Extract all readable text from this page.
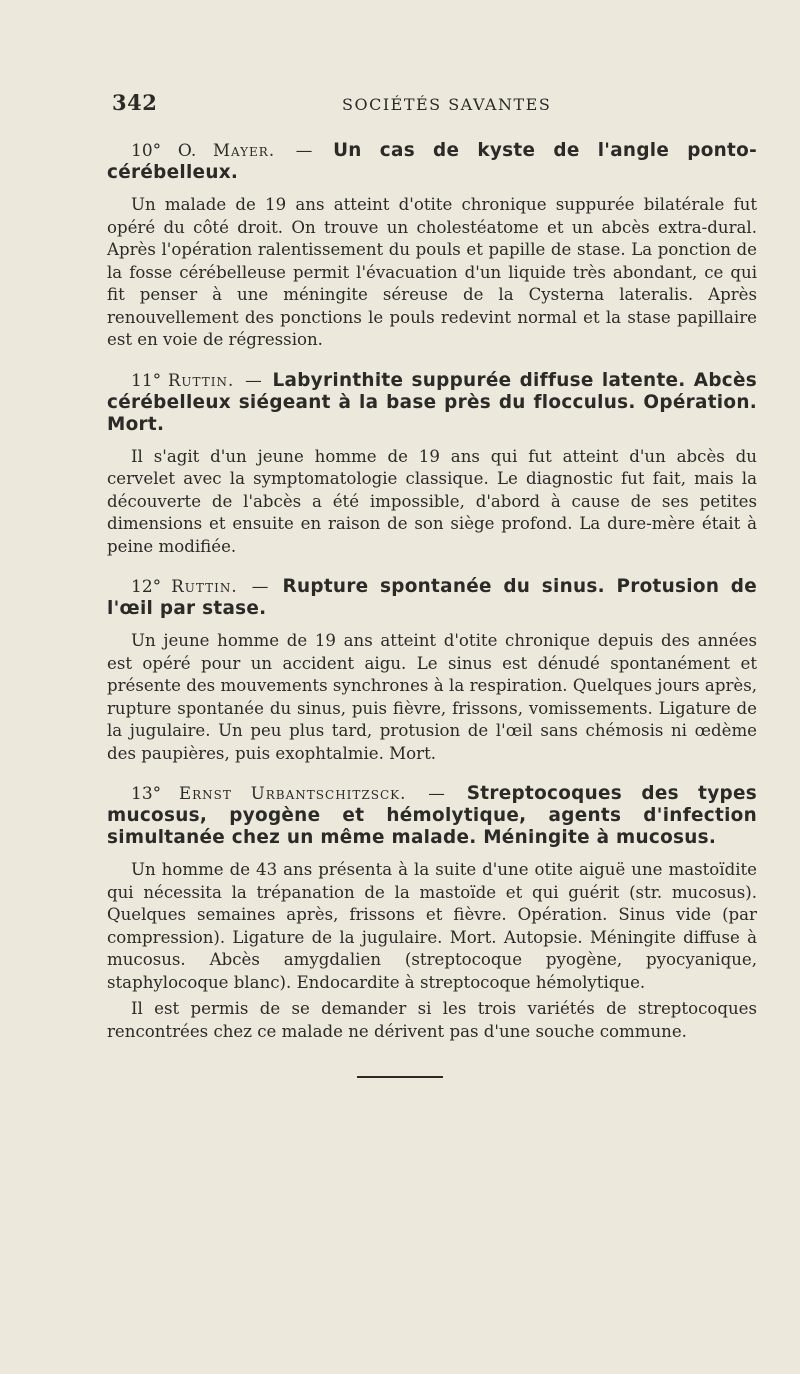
342	SOCIÉTÉS SAVANTES

10° O. Mayer. — Un cas de kyste de l'angle ponto-cérébelleux.

Un malade de 19 ans atteint d'otite chronique suppurée bilatérale fut opéré du côté droit. On trouve un cholestéatome et un abcès extra-dural. Après l'opération ralentissement du pouls et papille de stase. La ponction de la fosse cérébelleuse permit l'évacuation d'un liquide très abondant, ce qui fit penser à une méningite séreuse de la Cysterna lateralis. Après renouvellement des ponctions le pouls redevint normal et la stase papillaire est en voie de régression.

11° Ruttin. — Labyrinthite suppurée diffuse latente. Abcès cérébelleux siégeant à la base près du flocculus. Opération. Mort.

Il s'agit d'un jeune homme de 19 ans qui fut atteint d'un abcès du cervelet avec la symptomatologie classique. Le diagnostic fut fait, mais la découverte de l'abcès a été impossible, d'abord à cause de ses petites dimensions et ensuite en raison de son siège profond. La dure-mère était à peine modifiée.

12° Ruttin. — Rupture spontanée du sinus. Protusion de l'œil par stase.

Un jeune homme de 19 ans atteint d'otite chronique depuis des années est opéré pour un accident aigu. Le sinus est dénudé spontanément et présente des mouvements synchrones à la respiration. Quelques jours après, rupture spontanée du sinus, puis fièvre, frissons, vomissements. Ligature de la jugulaire. Un peu plus tard, protusion de l'œil sans chémosis ni œdème des paupières, puis exophtalmie. Mort.

13° Ernst Urbantschitzsck. — Streptocoques des types mucosus, pyogène et hémolytique, agents d'infection simultanée chez un même malade. Méningite à mucosus.

Un homme de 43 ans présenta à la suite d'une otite aiguë une mastoïdite qui nécessita la trépanation de la mastoïde et qui guérit (str. mucosus). Quelques semaines après, frissons et fièvre. Opération. Sinus vide (par compression). Ligature de la jugulaire. Mort. Autopsie. Méningite diffuse à mucosus. Abcès amygdalien (streptocoque pyogène, pyocyanique, staphylocoque blanc). Endocardite à streptocoque hémolytique.

Il est permis de se demander si les trois variétés de streptocoques rencontrées chez ce malade ne dérivent pas d'une souche commune.
